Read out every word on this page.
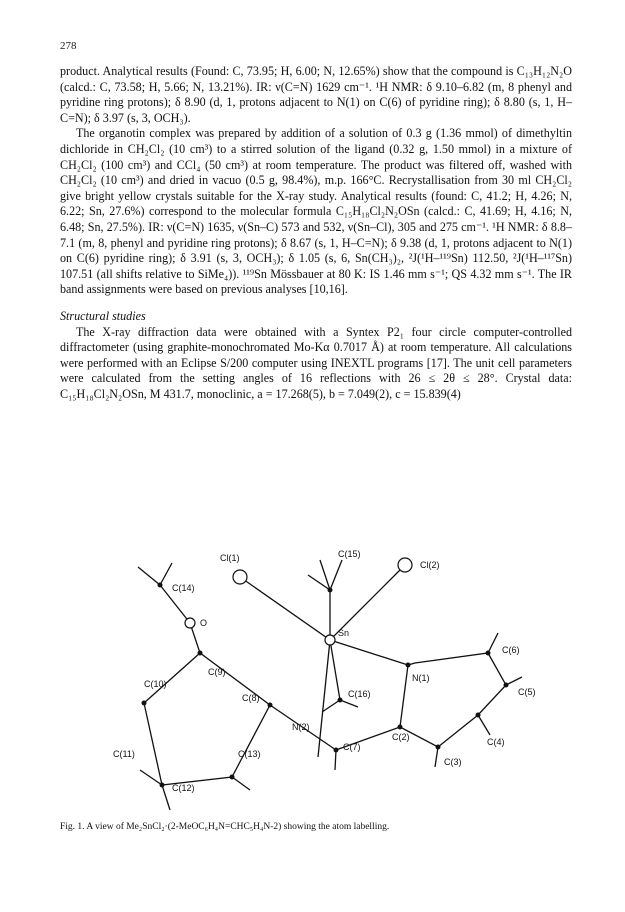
278

product. Analytical results (Found: C, 73.95; H, 6.00; N, 12.65%) show that the compound is C₁₃H₁₂N₂O (calcd.: C, 73.58; H, 5.66; N, 13.21%). IR: ν(C=N) 1629 cm⁻¹. ¹H NMR: δ 9.10–6.82 (m, 8 phenyl and pyridine ring protons); δ 8.90 (d, 1, protons adjacent to N(1) on C(6) of pyridine ring); δ 8.80 (s, 1, H–C=N); δ 3.97 (s, 3, OCH₃).

The organotin complex was prepared by addition of a solution of 0.3 g (1.36 mmol) of dimethyltin dichloride in CH₂Cl₂ (10 cm³) to a stirred solution of the ligand (0.32 g, 1.50 mmol) in a mixture of CH₂Cl₂ (100 cm³) and CCl₄ (50 cm³) at room temperature. The product was filtered off, washed with CH₂Cl₂ (10 cm³) and dried in vacuo (0.5 g, 98.4%), m.p. 166°C. Recrystallisation from 30 ml CH₂Cl₂ give bright yellow crystals suitable for the X-ray study. Analytical results (found: C, 41.2; H, 4.26; N, 6.22; Sn, 27.6%) correspond to the molecular formula C₁₅H₁₈Cl₂N₂OSn (calcd.: C, 41.69; H, 4.16; N, 6.48; Sn, 27.5%). IR: ν(C=N) 1635, ν(Sn–C) 573 and 532, ν(Sn–Cl), 305 and 275 cm⁻¹. ¹H NMR: δ 8.8–7.1 (m, 8, phenyl and pyridine ring protons); δ 8.67 (s, 1, H–C=N); δ 9.38 (d, 1, protons adjacent to N(1) on C(6) pyridine ring); δ 3.91 (s, 3, OCH₃); δ 1.05 (s, 6, Sn(CH₃)₂, ²J(¹H–¹¹⁹Sn) 112.50, ²J(¹H–¹¹⁷Sn) 107.51 (all shifts relative to SiMe₄)). ¹¹⁹Sn Mössbauer at 80 K: IS 1.46 mm s⁻¹; QS 4.32 mm s⁻¹. The IR band assignments were based on previous analyses [10,16].

Structural studies

The X-ray diffraction data were obtained with a Syntex P2₁ four circle computer-controlled diffractometer (using graphite-monochromated Mo-Kα 0.7017 Å) at room temperature. All calculations were performed with an Eclipse S/200 computer using INEXTL programs [17]. The unit cell parameters were calculated from the setting angles of 16 reflections with 26 ≤ 2θ ≤ 28°. Crystal data: C₁₅H₁₈Cl₂N₂OSn, M 431.7, monoclinic, a = 17.268(5), b = 7.049(2), c = 15.839(4)

Cl(1)	C(15)
Cl(2)
C(14)
O
Sn
N(1)
C(6)
C(5)
C(10)
C(9)
C(16)
C(8)
N(2)
C(2)
C(7)	C(4)
C(11)	C(13)
C(3)
C(12)
Fig. 1. A view of Me₂SnCl₂·(2-MeOC₆H₄N=CHC₅H₄N-2) showing the atom labelling.
